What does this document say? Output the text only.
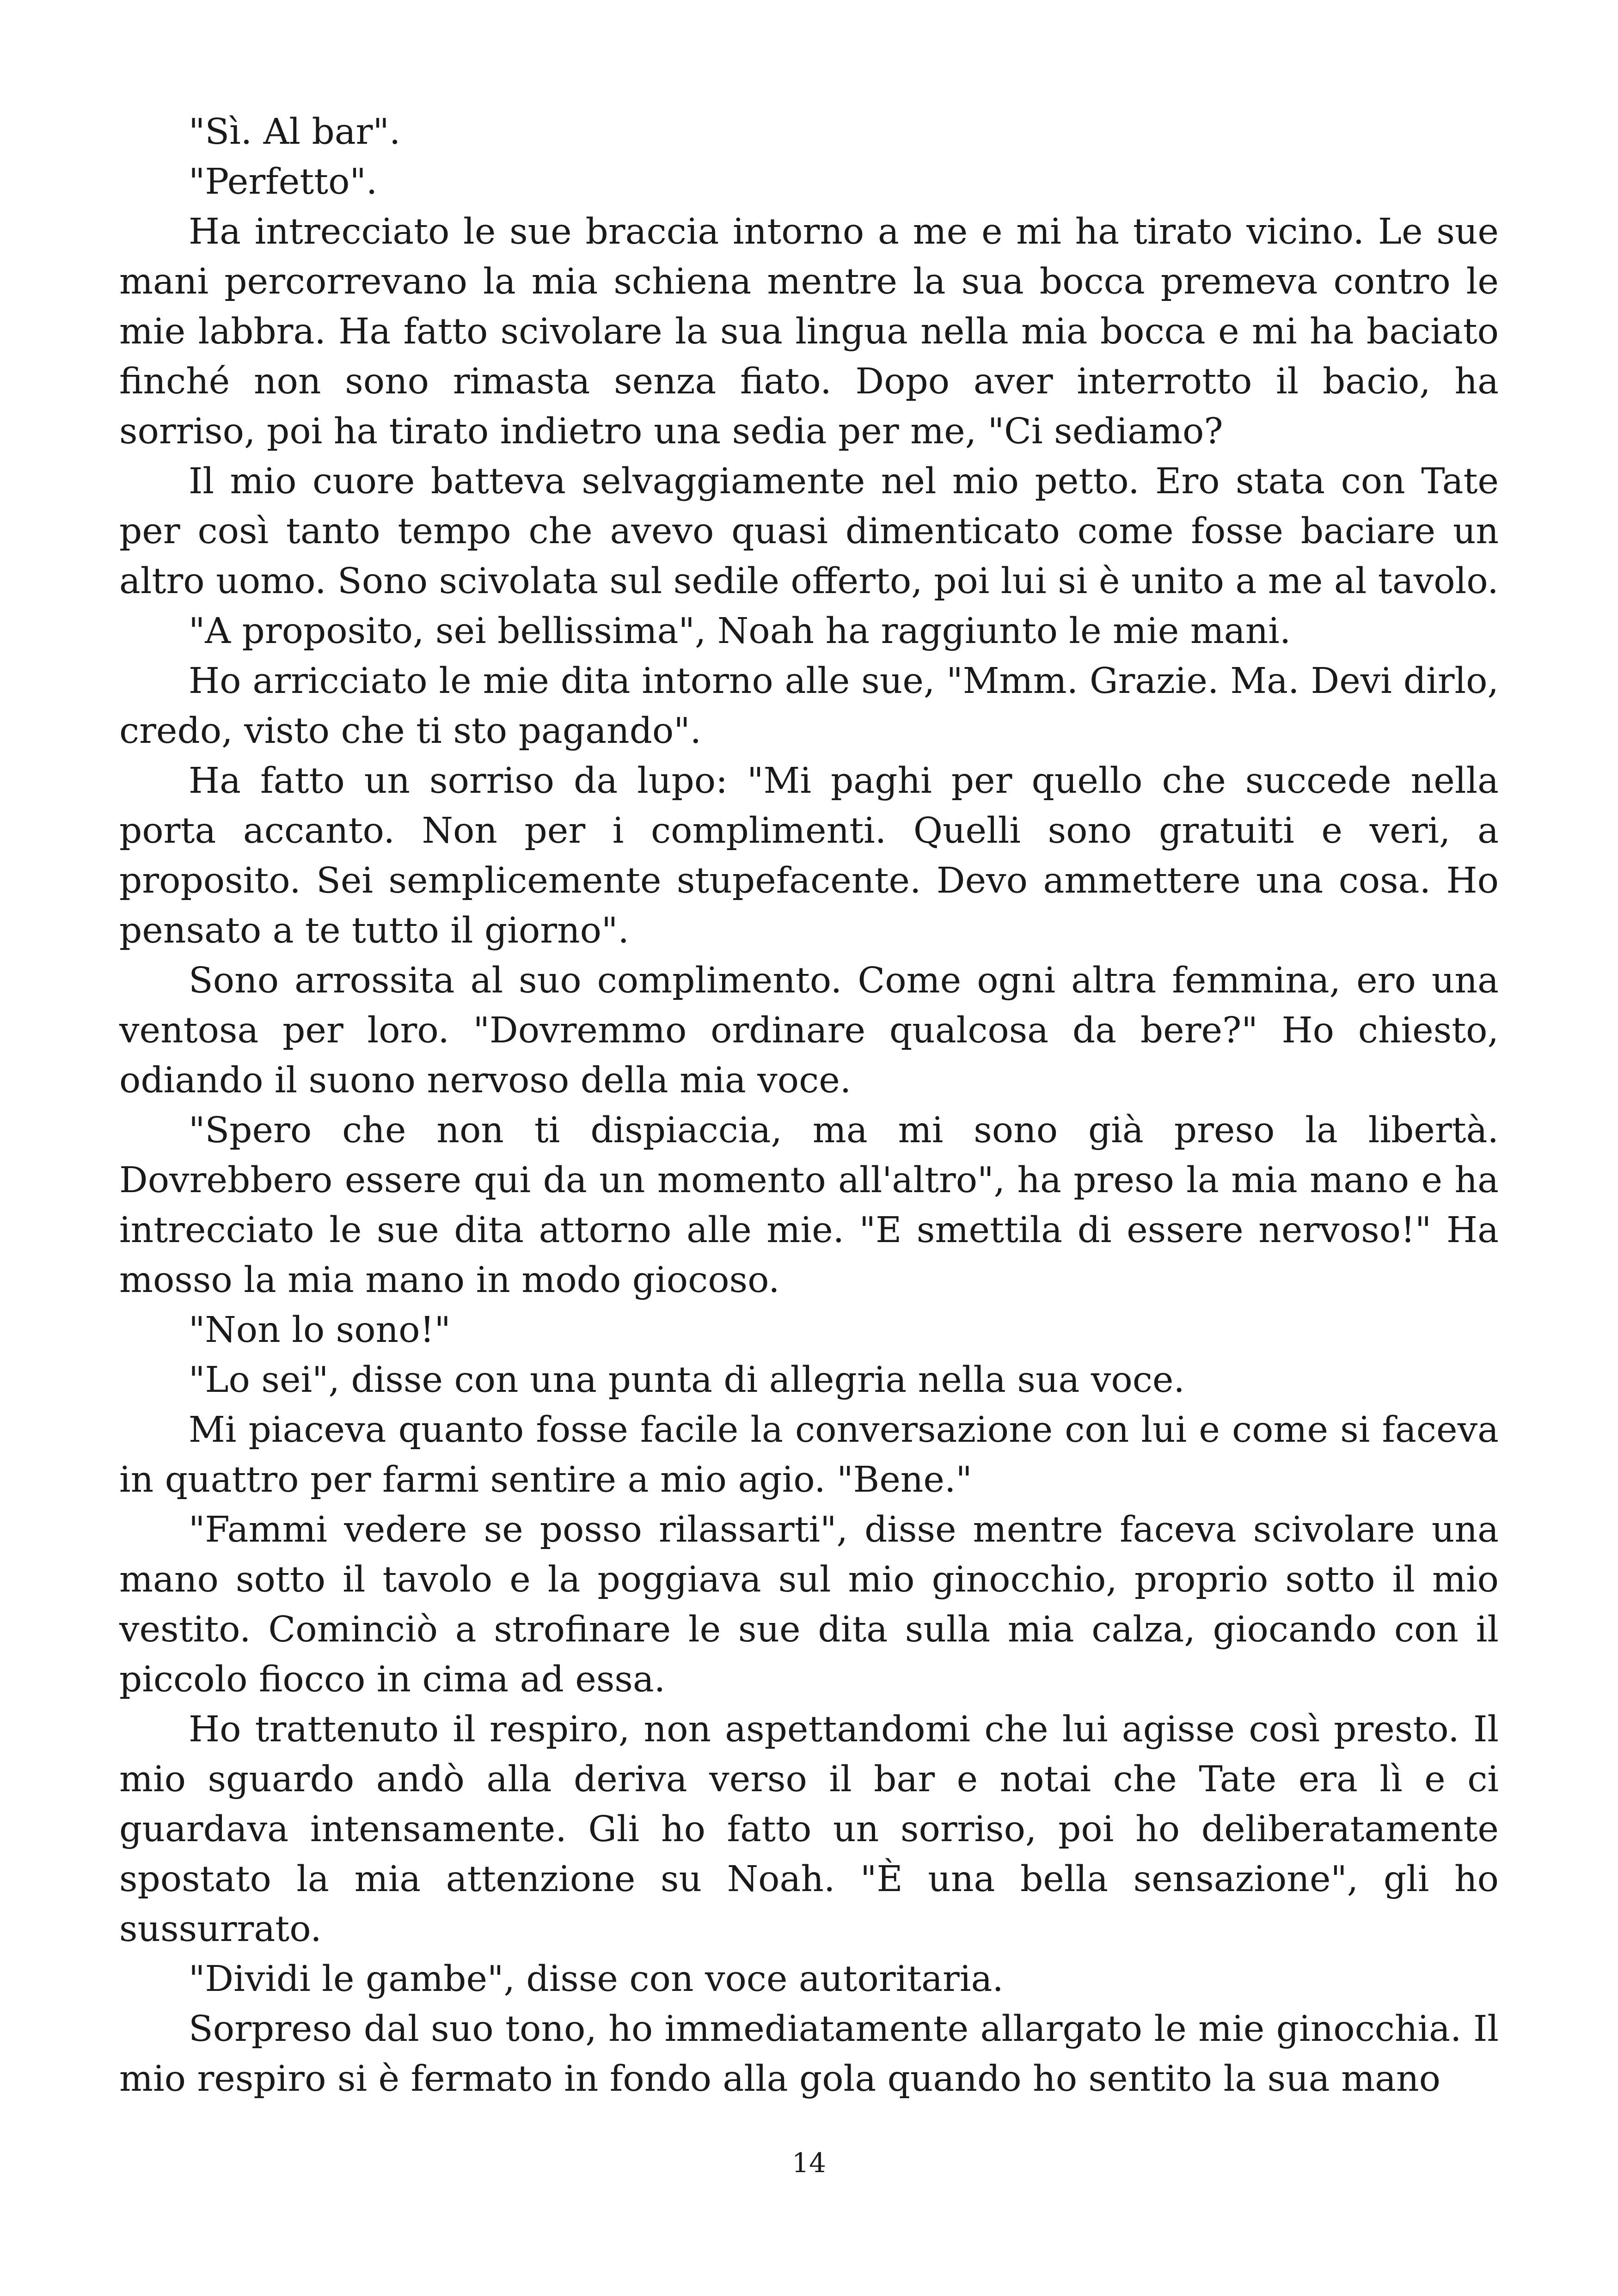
"Sì. Al bar".

"Perfetto".

Ha intrecciato le sue braccia intorno a me e mi ha tirato vicino. Le sue mani percorrevano la mia schiena mentre la sua bocca premeva contro le mie labbra. Ha fatto scivolare la sua lingua nella mia bocca e mi ha baciato finché non sono rimasta senza fiato. Dopo aver interrotto il bacio, ha sorriso, poi ha tirato indietro una sedia per me, "Ci sediamo?

Il mio cuore batteva selvaggiamente nel mio petto. Ero stata con Tate per così tanto tempo che avevo quasi dimenticato come fosse baciare un altro uomo. Sono scivolata sul sedile offerto, poi lui si è unito a me al tavolo.

"A proposito, sei bellissima", Noah ha raggiunto le mie mani.

Ho arricciato le mie dita intorno alle sue, "Mmm. Grazie. Ma. Devi dirlo, credo, visto che ti sto pagando".

Ha fatto un sorriso da lupo: "Mi paghi per quello che succede nella porta accanto. Non per i complimenti. Quelli sono gratuiti e veri, a proposito. Sei semplicemente stupefacente. Devo ammettere una cosa. Ho pensato a te tutto il giorno".

Sono arrossita al suo complimento. Come ogni altra femmina, ero una ventosa per loro. "Dovremmo ordinare qualcosa da bere?" Ho chiesto, odiando il suono nervoso della mia voce.

"Spero che non ti dispiaccia, ma mi sono già preso la libertà. Dovrebbero essere qui da un momento all'altro", ha preso la mia mano e ha intrecciato le sue dita attorno alle mie. "E smettila di essere nervoso!" Ha mosso la mia mano in modo giocoso.

"Non lo sono!"

"Lo sei", disse con una punta di allegria nella sua voce.

Mi piaceva quanto fosse facile la conversazione con lui e come si faceva in quattro per farmi sentire a mio agio. "Bene."

"Fammi vedere se posso rilassarti", disse mentre faceva scivolare una mano sotto il tavolo e la poggiava sul mio ginocchio, proprio sotto il mio vestito. Cominciò a strofinare le sue dita sulla mia calza, giocando con il piccolo fiocco in cima ad essa.

Ho trattenuto il respiro, non aspettandomi che lui agisse così presto. Il mio sguardo andò alla deriva verso il bar e notai che Tate era lì e ci guardava intensamente. Gli ho fatto un sorriso, poi ho deliberatamente spostato la mia attenzione su Noah. "È una bella sensazione", gli ho sussurrato.

"Dividi le gambe", disse con voce autoritaria.

Sorpreso dal suo tono, ho immediatamente allargato le mie ginocchia. Il mio respiro si è fermato in fondo alla gola quando ho sentito la sua mano

14
